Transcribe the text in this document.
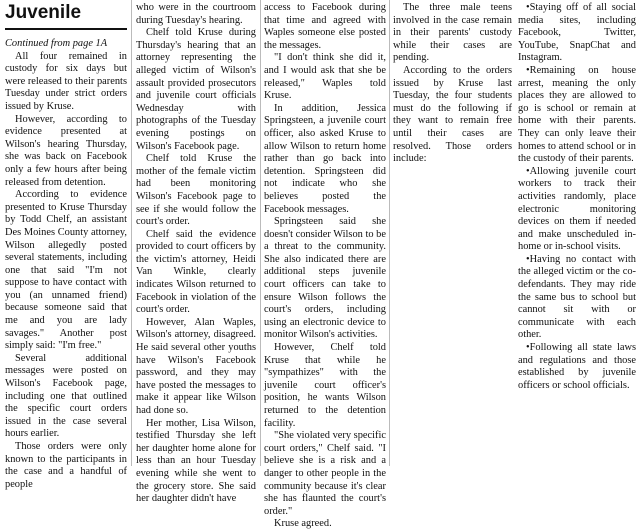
Juvenile

Continued from page 1A

All four remained in custody for six days but were released to their parents Tuesday under strict orders issued by Kruse.

However, according to evidence presented at Wilson's hearing Thursday, she was back on Facebook only a few hours after being released from detention.

According to evidence presented to Kruse Thursday by Todd Chelf, an assistant Des Moines County attorney, Wilson allegedly posted several statements, including one that said "I'm not suppose to have contact with you (an unnamed friend) because someone said that me and you are lady savages." Another post simply said: "I'm free."

Several additional messages were posted on Wilson's Facebook page, including one that outlined the specific court orders issued in the case several hours earlier.

Those orders were only known to the participants in the case and a handful of people

who were in the courtroom during Tuesday's hearing.

Chelf told Kruse during Thursday's hearing that an attorney representing the alleged victim of Wilson's assault provided prosecutors and juvenile court officials Wednesday with photographs of the Tuesday evening postings on Wilson's Facebook page.

Chelf told Kruse the mother of the female victim had been monitoring Wilson's Facebook page to see if she would follow the court's order.

Chelf said the evidence provided to court officers by the victim's attorney, Heidi Van Winkle, clearly indicates Wilson returned to Facebook in violation of the court's order.

However, Alan Waples, Wilson's attorney, disagreed. He said several other youths have Wilson's Facebook password, and they may have posted the messages to make it appear like Wilson had done so.

Her mother, Lisa Wilson, testified Thursday she left her daughter home alone for less than an hour Tuesday evening while she went to the grocery store. She said her daughter didn't have

access to Facebook during that time and agreed with Waples someone else posted the messages.

"I don't think she did it, and I would ask that she be released," Waples told Kruse.

In addition, Jessica Springsteen, a juvenile court officer, also asked Kruse to allow Wilson to return home rather than go back into detention. Springsteen did not indicate who she believes posted the Facebook messages.

Springsteen said she doesn't consider Wilson to be a threat to the community. She also indicated there are additional steps juvenile court officers can take to ensure Wilson follows the court's orders, including using an electronic device to monitor Wilson's activities.

However, Chelf told Kruse that while he "sympathizes" with the juvenile court officer's position, he wants Wilson returned to the detention facility.

"She violated very specific court orders," Chelf said. "I believe she is a risk and a danger to other people in the community because it's clear she has flaunted the court's order."

Kruse agreed.

The three male teens involved in the case remain in their parents' custody while their cases are pending.

According to the orders issued by Kruse last Tuesday, the four students must do the following if they want to remain free until their cases are resolved. Those orders include:

•Staying off of all social media sites, including Facebook, Twitter, YouTube, SnapChat and Instagram.

•Remaining on house arrest, meaning the only places they are allowed to go is school or remain at home with their parents. They can only leave their homes to attend school or in the custody of their parents.

•Allowing juvenile court workers to track their activities randomly, place electronic monitoring devices on them if needed and make unscheduled in-home or in-school visits.

•Having no contact with the alleged victim or the co-defendants. They may ride the same bus to school but cannot sit with or communicate with each other.

•Following all state laws and regulations and those established by juvenile officers or school officials.
